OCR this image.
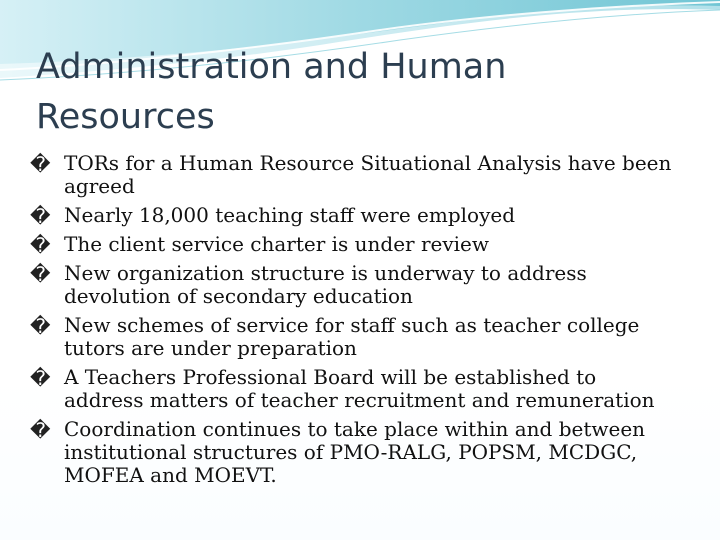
Administration and Human
Resources
� TORs for a Human Resource Situational Analysis have been agreed
� Nearly 18,000 teaching staff were employed
� The client service charter is under review
� New organization structure is underway to address devolution of secondary education
� New schemes of service for staff such as teacher college tutors are under preparation
� A Teachers Professional Board will be established to address matters of teacher recruitment and remuneration
� Coordination continues to take place within and between institutional structures of PMO-RALG, POPSM, MCDGC, MOFEA and MOEVT.
